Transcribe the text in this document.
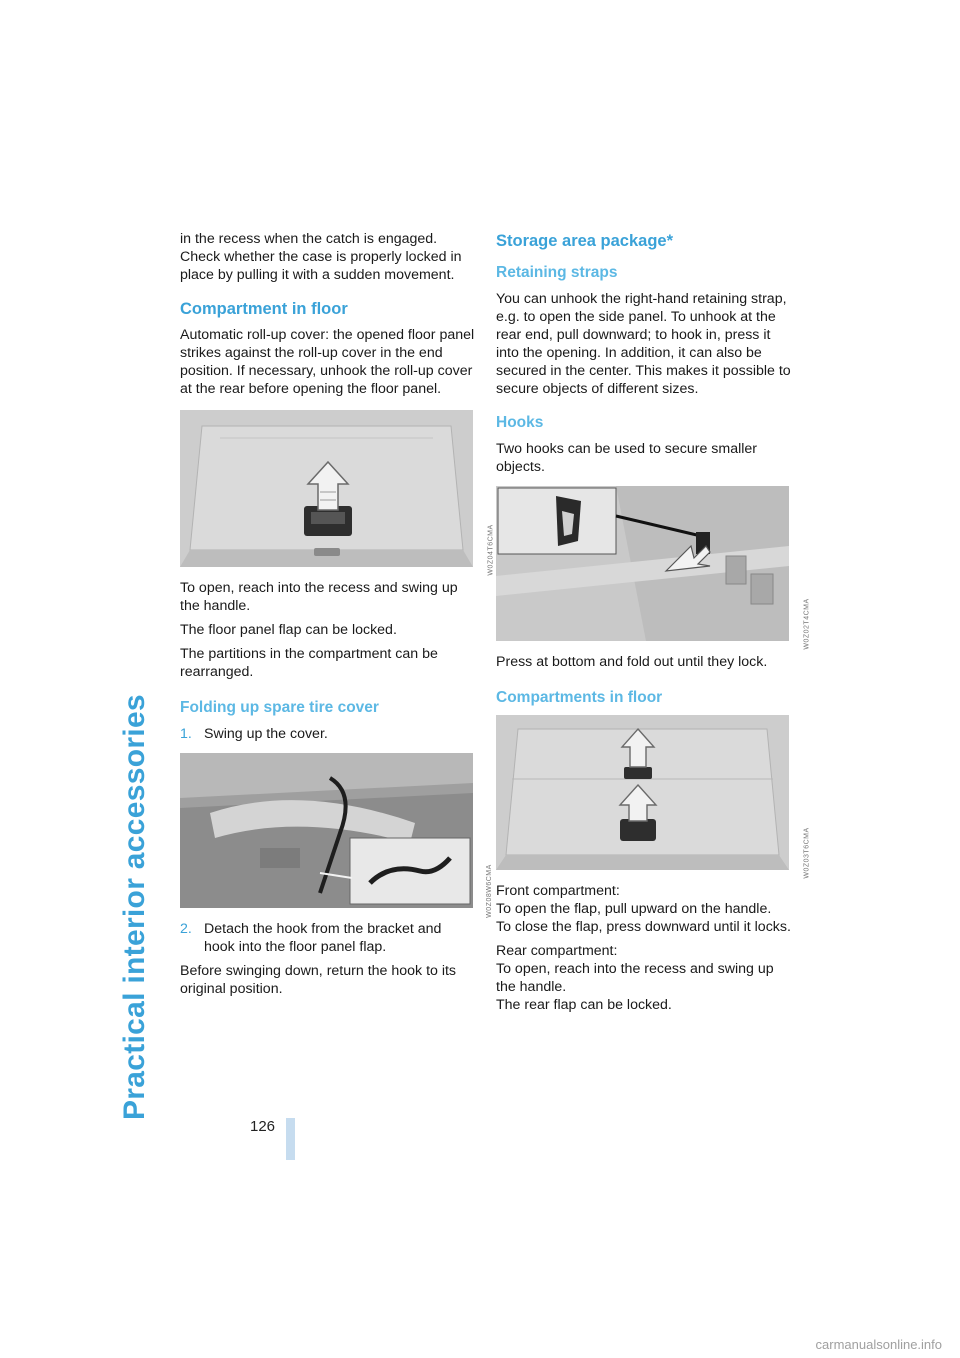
Practical interior accessories
126

in the recess when the catch is engaged. Check whether the case is properly locked in place by pulling it with a sudden movement.

Compartment in floor

Automatic roll-up cover: the opened floor panel strikes against the roll-up cover in the end position. If necessary, unhook the roll-up cover at the rear before opening the floor panel.

W0Z04T6CMA

To open, reach into the recess and swing up the handle.

The floor panel flap can be locked.

The partitions in the compartment can be rearranged.

Folding up spare tire cover
1. Swing up the cover.
W0Z08W6CMA
2. Detach the hook from the bracket and hook into the floor panel flap.

Before swinging down, return the hook to its original position.

Storage area package*
Retaining straps

You can unhook the right-hand retaining strap, e.g. to open the side panel. To unhook at the rear end, pull downward; to hook in, press it into the opening. In addition, it can also be secured in the center. This makes it possible to secure objects of different sizes.

Hooks

Two hooks can be used to secure smaller objects.

W0Z02T4CMA

Press at bottom and fold out until they lock.

Compartments in floor
W0Z03T6CMA

Front compartment:

To open the flap, pull upward on the handle.

To close the flap, press downward until it locks.

Rear compartment:

To open, reach into the recess and swing up the handle.

The rear flap can be locked.

carmanualsonline.info
